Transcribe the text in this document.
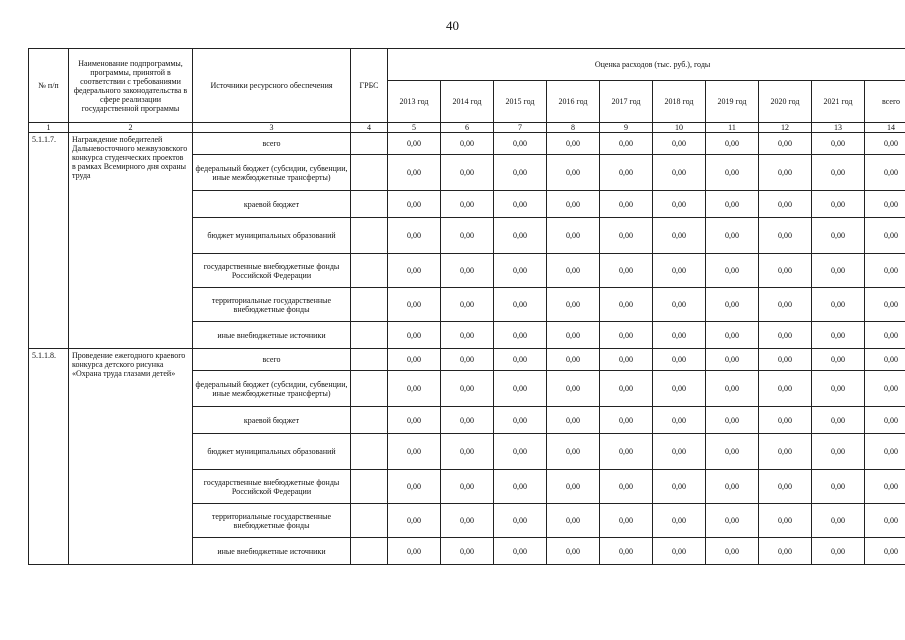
40
№ п/п	Наименование подпрограммы, программы, принятой в соответствии с требованиями федерального законодательства в сфере реализации государственной программы	Источники ресурсного обеспечения	ГРБС	Оценка расходов (тыс. руб.), годы									
				2013 год	2014 год	2015 год	2016 год	2017 год	2018 год	2019 год	2020 год	2021 год	всего
1	2	3	4	5	6	7	8	9	10	11	12	13	14
5.1.1.7.	Награждение победителей Дальневосточного межвузовского конкурса студенческих проектов в рамках Всемирного дня охраны труда	всего		0,00	0,00	0,00	0,00	0,00	0,00	0,00	0,00	0,00	0,00
		федеральный бюджет (субсидии, субвенции, иные межбюджетные трансферты)		0,00	0,00	0,00	0,00	0,00	0,00	0,00	0,00	0,00	0,00
		краевой бюджет		0,00	0,00	0,00	0,00	0,00	0,00	0,00	0,00	0,00	0,00
		бюджет муниципальных образований		0,00	0,00	0,00	0,00	0,00	0,00	0,00	0,00	0,00	0,00
		государственные внебюджетные фонды Российской Федерации		0,00	0,00	0,00	0,00	0,00	0,00	0,00	0,00	0,00	0,00
		территориальные государственные внебюджетные фонды		0,00	0,00	0,00	0,00	0,00	0,00	0,00	0,00	0,00	0,00
		иные внебюджетные источники		0,00	0,00	0,00	0,00	0,00	0,00	0,00	0,00	0,00	0,00
5.1.1.8.	Проведение ежегодного краевого конкурса детского рисунка «Охрана труда глазами детей»	всего		0,00	0,00	0,00	0,00	0,00	0,00	0,00	0,00	0,00	0,00
		федеральный бюджет (субсидии, субвенции, иные межбюджетные трансферты)		0,00	0,00	0,00	0,00	0,00	0,00	0,00	0,00	0,00	0,00
		краевой бюджет		0,00	0,00	0,00	0,00	0,00	0,00	0,00	0,00	0,00	0,00
		бюджет муниципальных образований		0,00	0,00	0,00	0,00	0,00	0,00	0,00	0,00	0,00	0,00
		государственные внебюджетные фонды Российской Федерации		0,00	0,00	0,00	0,00	0,00	0,00	0,00	0,00	0,00	0,00
		территориальные государственные внебюджетные фонды		0,00	0,00	0,00	0,00	0,00	0,00	0,00	0,00	0,00	0,00
		иные внебюджетные источники		0,00	0,00	0,00	0,00	0,00	0,00	0,00	0,00	0,00	0,00
